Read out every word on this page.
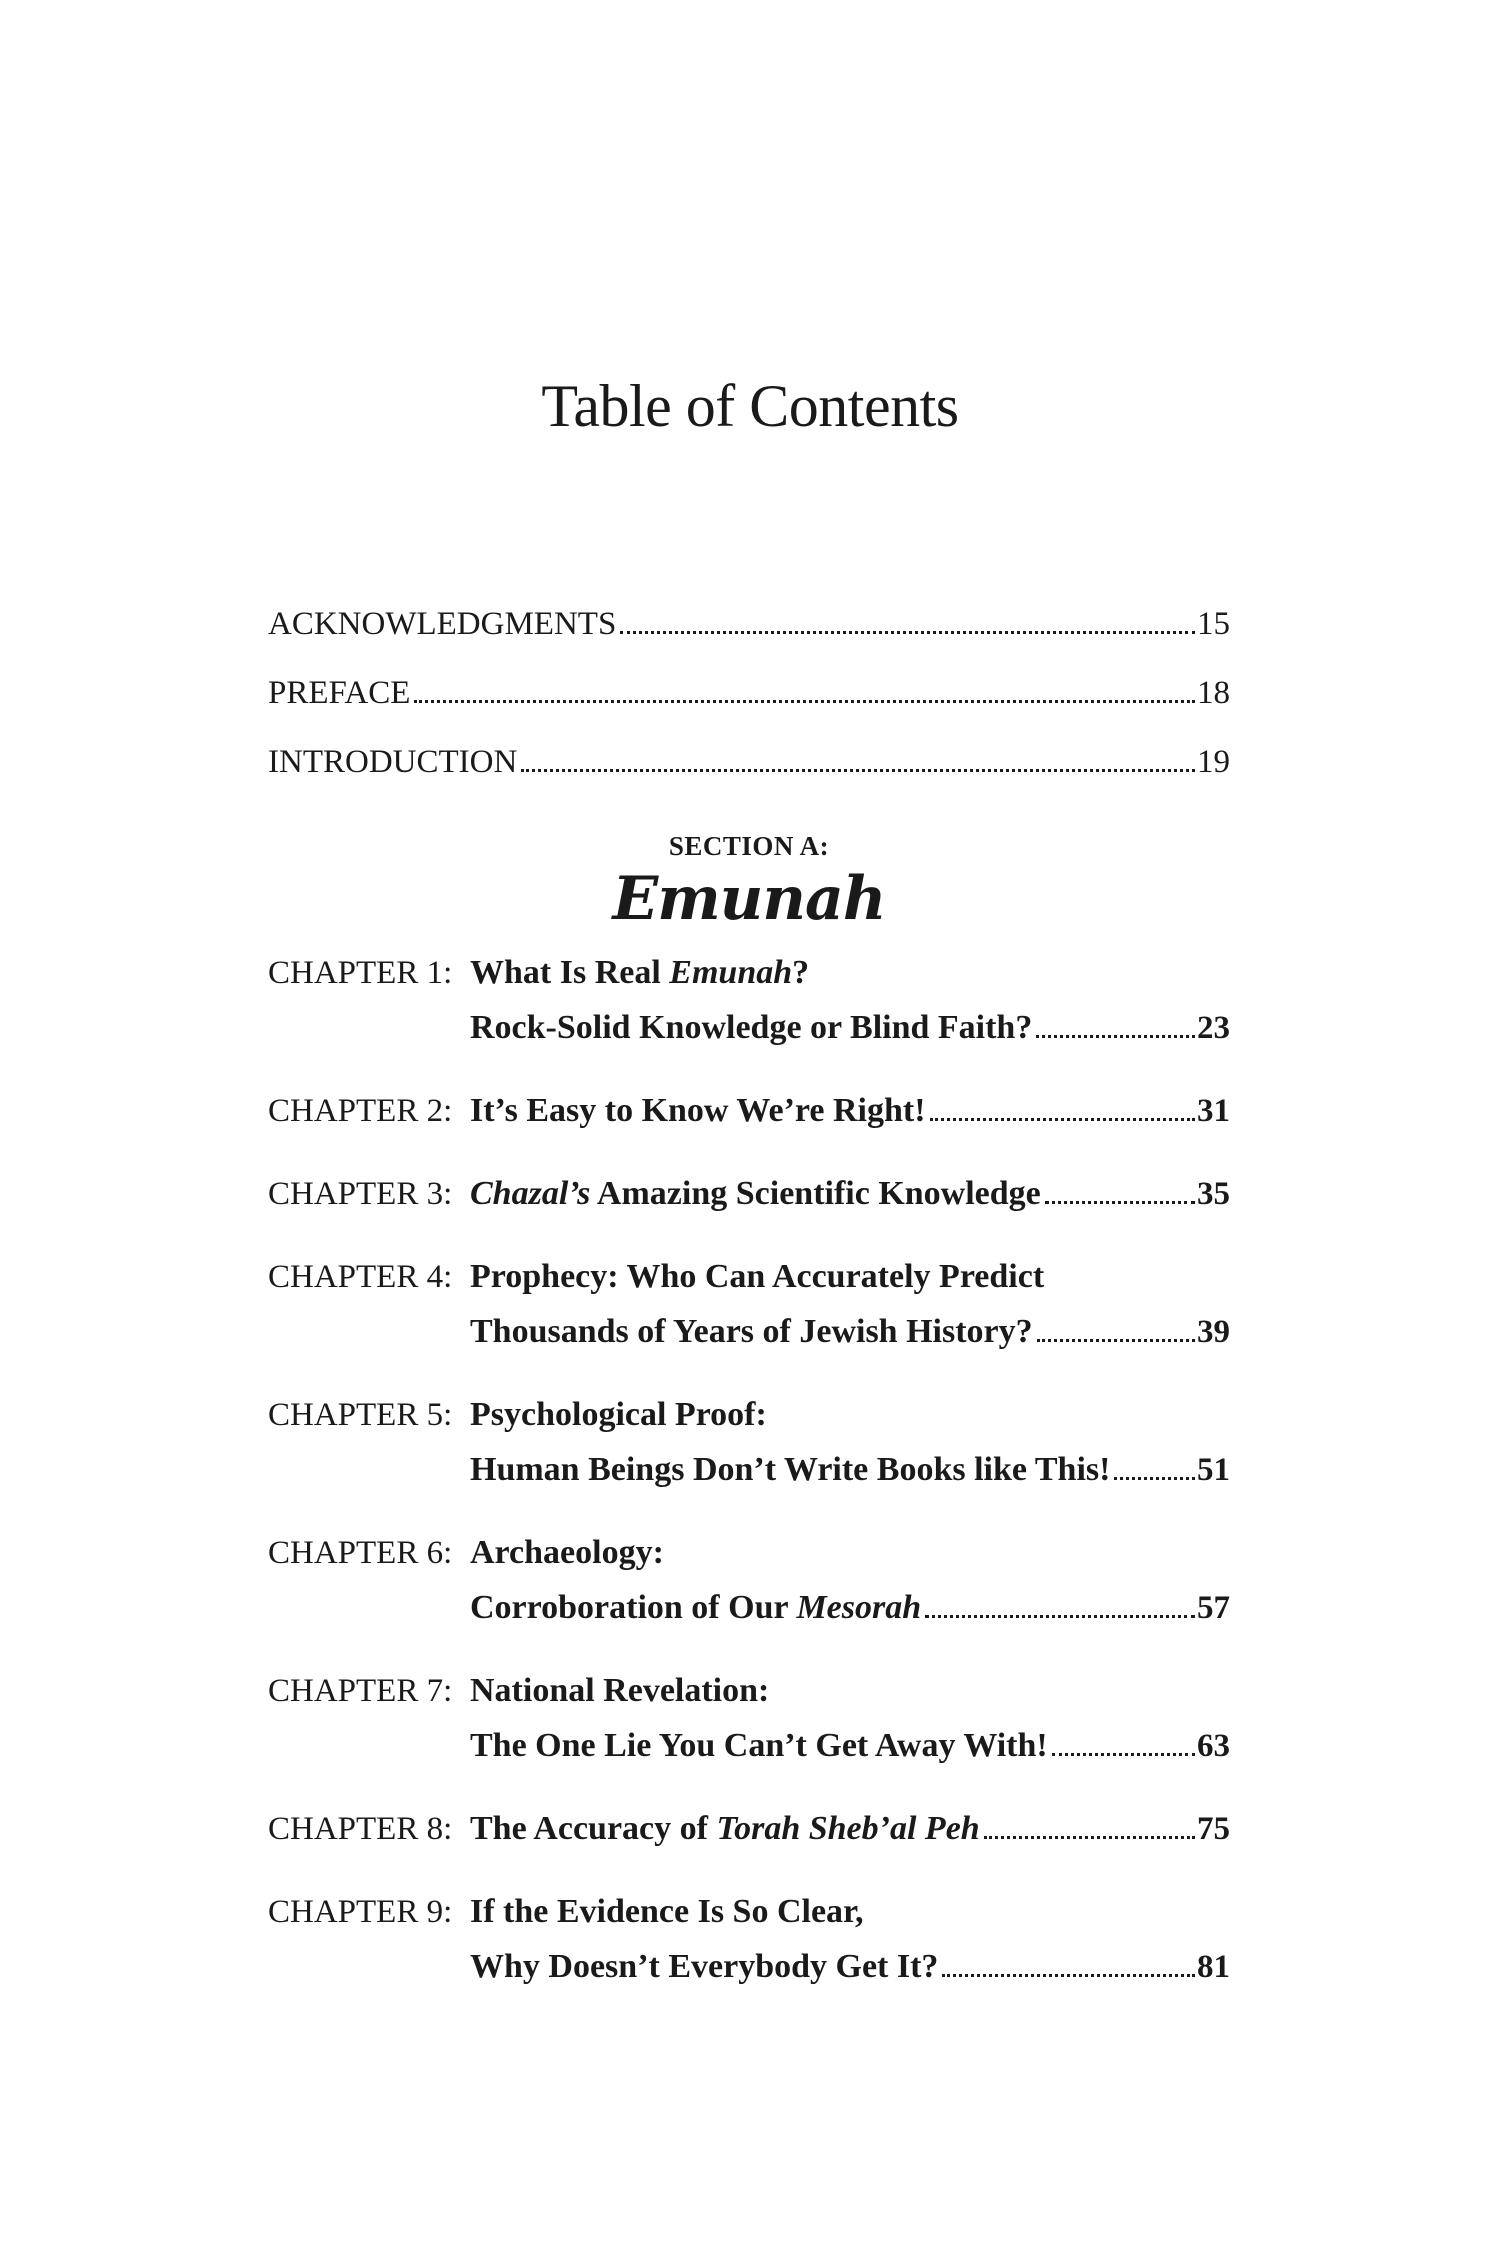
Table of Contents
ACKNOWLEDGMENTS	15
PREFACE	18
INTRODUCTION	19
SECTION A:
Emunah
CHAPTER 1: What Is Real Emunah?
Rock-Solid Knowledge or Blind Faith?	23
CHAPTER 2: It’s Easy to Know We’re Right!	31
CHAPTER 3: Chazal’s Amazing Scientific Knowledge	35
CHAPTER 4: Prophecy: Who Can Accurately Predict
Thousands of Years of Jewish History?	39
CHAPTER 5: Psychological Proof:
Human Beings Don’t Write Books like This!	51
CHAPTER 6: Archaeology:
Corroboration of Our Mesorah	57
CHAPTER 7: National Revelation:
The One Lie You Can’t Get Away With!	63
CHAPTER 8: The Accuracy of Torah Sheb’al Peh	75
CHAPTER 9: If the Evidence Is So Clear,
Why Doesn’t Everybody Get It?	81
